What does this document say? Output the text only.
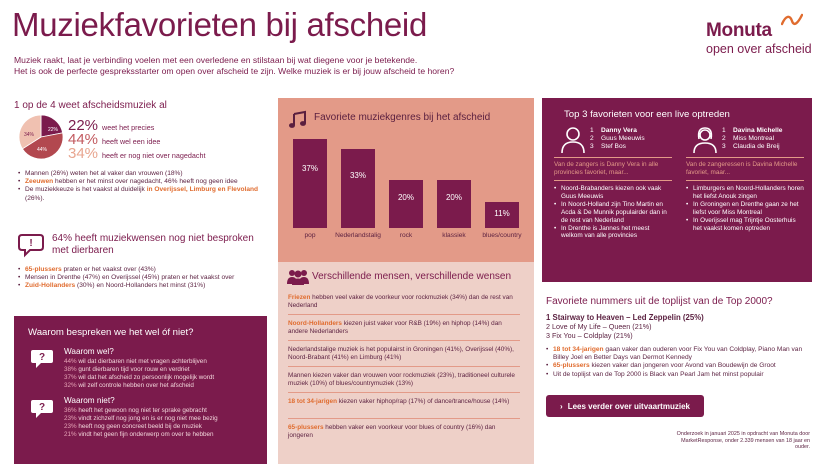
Muziekfavorieten bij afscheid
Muziek raakt, laat je verbinding voelen met een overledene en stilstaan bij wat diegene voor je betekende.
Het is ook de perfecte gespreksstarter om open over afscheid te zijn. Welke muziek is er bij jouw afscheid te horen?
Monuta
open over afscheid
1 op de 4 weet afscheidsmuziek al
22%
44%
34%
22% weet het precies
44% heeft wel een idee
34% heeft er nog niet over nagedacht
• Mannen (26%) weten het al vaker dan vrouwen (18%)
• Zeeuwen hebben er het minst over nagedacht, 46% heeft nog geen idee
• De muziekkeuze is het vaakst al duidelijk in Overijssel, Limburg en Flevoland (26%).
! 64% heeft muziekwensen nog niet besproken met dierbaren
• 65-plussers praten er het vaakst over (43%)
• Mensen in Drenthe (47%) en Overijssel (45%) praten er het vaakst over
• Zuid-Hollanders (30%) en Noord-Hollanders het minst (31%)
Waarom bespreken we het wel óf niet?
?
Waarom wel?
44% wil dat dierbaren niet met vragen achterblijven
38% gunt dierbaren tijd voor rouw en verdriet
37% wil dat het afscheid zo persoonlijk mogelijk wordt
32% wil zelf controle hebben over het afscheid
?
Waarom niet?
36% heeft het gewoon nog niet ter sprake gebracht
23% vindt zichzelf nog jong en is er nog niet mee bezig
23% heeft nog geen concreet beeld bij de muziek
21% vindt het geen fijn onderwerp om over te hebben
Favoriete muziekgenres bij het afscheid
37%
pop
33%
Nederlandstalig
20%
rock
20%
klassiek
11%
blues/country
Verschillende mensen, verschillende wensen
Friezen hebben veel vaker de voorkeur voor rockmuziek (34%) dan de rest van Nederland
Noord-Hollanders kiezen juist vaker voor R&B (19%) en hiphop (14%) dan andere Nederlanders
Nederlandstalige muziek is het populairst in Groningen (41%), Overijssel (40%), Noord-Brabant (41%) en Limburg (41%)
Mannen kiezen vaker dan vrouwen voor rockmuziek (23%), traditioneel culturele muziek (10%) of blues/countrymuziek (13%)
18 tot 34-jarigen kiezen vaker hiphop/rap (17%) of dance/trance/house (14%)
65-plussers hebben vaker een voorkeur voor blues of country (16%) dan jongeren
Top 3 favorieten voor een live optreden
1    Danny Vera
2    Guus Meeuwis
3    Stef Bos
1    Davina Michelle
2    Miss Montreal
3    Claudia de Breij
Van de zangers is Danny Vera in alle provincies favoriet, maar...
Van de zangeressen is Davina Michelle favoriet, maar...
• Noord-Brabanders kiezen ook vaak Guus Meeuwis
• In Noord-Holland zijn Tino Martin en Acda & De Munnik populairder dan in de rest van Nederland
• In Drenthe is Jannes het meest welkom van alle provincies
• Limburgers en Noord-Hollanders horen het liefst Anouk zingen
• In Groningen en Drenthe gaan ze het liefst voor Miss Montreal
• In Overijssel mag Trijntje Oosterhuis het vaakst komen optreden
Favoriete nummers uit de toplijst van de Top 2000?
1 Stairway to Heaven – Led Zeppelin (25%)
2 Love of My Life – Queen (21%)
3 Fix You – Coldplay (21%)
• 18 tot 34-jarigen gaan vaker dan ouderen voor Fix You van Coldplay, Piano Man van Billey Joel en Better Days van Dermot Kennedy
• 65-plussers kiezen vaker dan jongeren voor Avond van Boudewijn de Groot
• Uit de toplijst van de Top 2000 is Black van Pearl Jam het minst populair
› Lees verder over uitvaartmuziek
Onderzoek in januari 2025 in opdracht van Monuta door MarketResponse, onder 2.339 mensen van 18 jaar en ouder.
